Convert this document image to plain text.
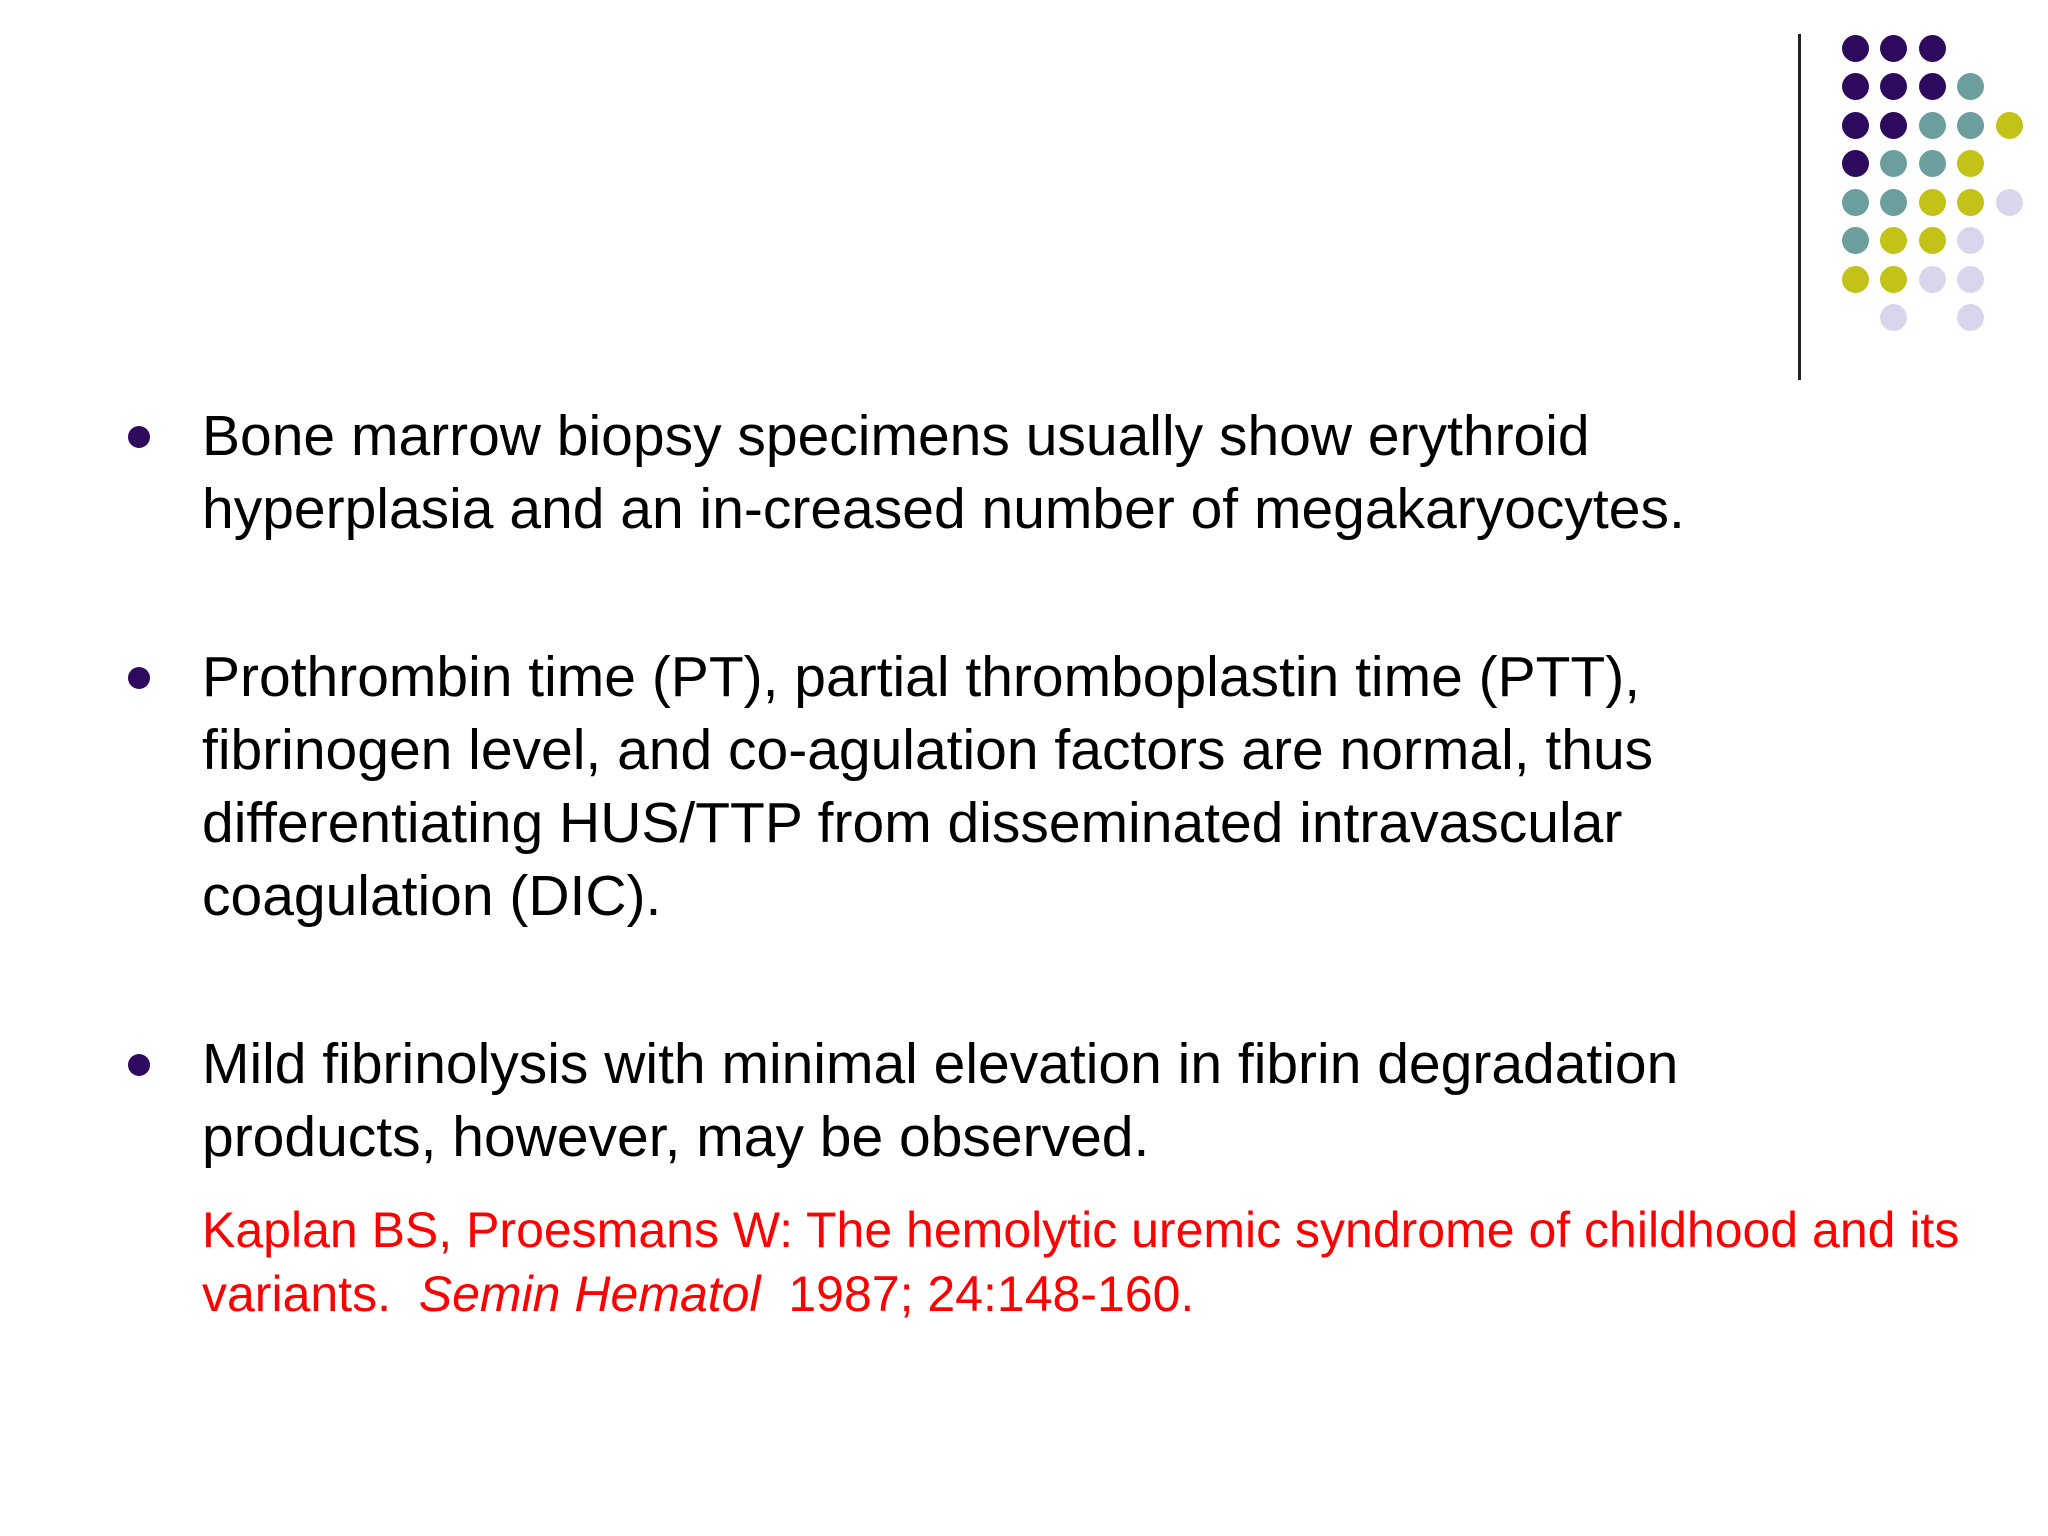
Bone marrow biopsy specimens usually show erythroid hyperplasia and an in-creased number of megakaryocytes.

Prothrombin time (PT), partial thromboplastin time (PTT), fibrinogen level, and co-agulation factors are normal, thus differentiating HUS/TTP from disseminated intravascular coagulation (DIC).

Mild fibrinolysis with minimal elevation in fibrin degradation products, however, may be observed.

Kaplan BS, Proesmans W: The hemolytic uremic syndrome of childhood and its variants. Semin Hematol 1987; 24:148-160.
